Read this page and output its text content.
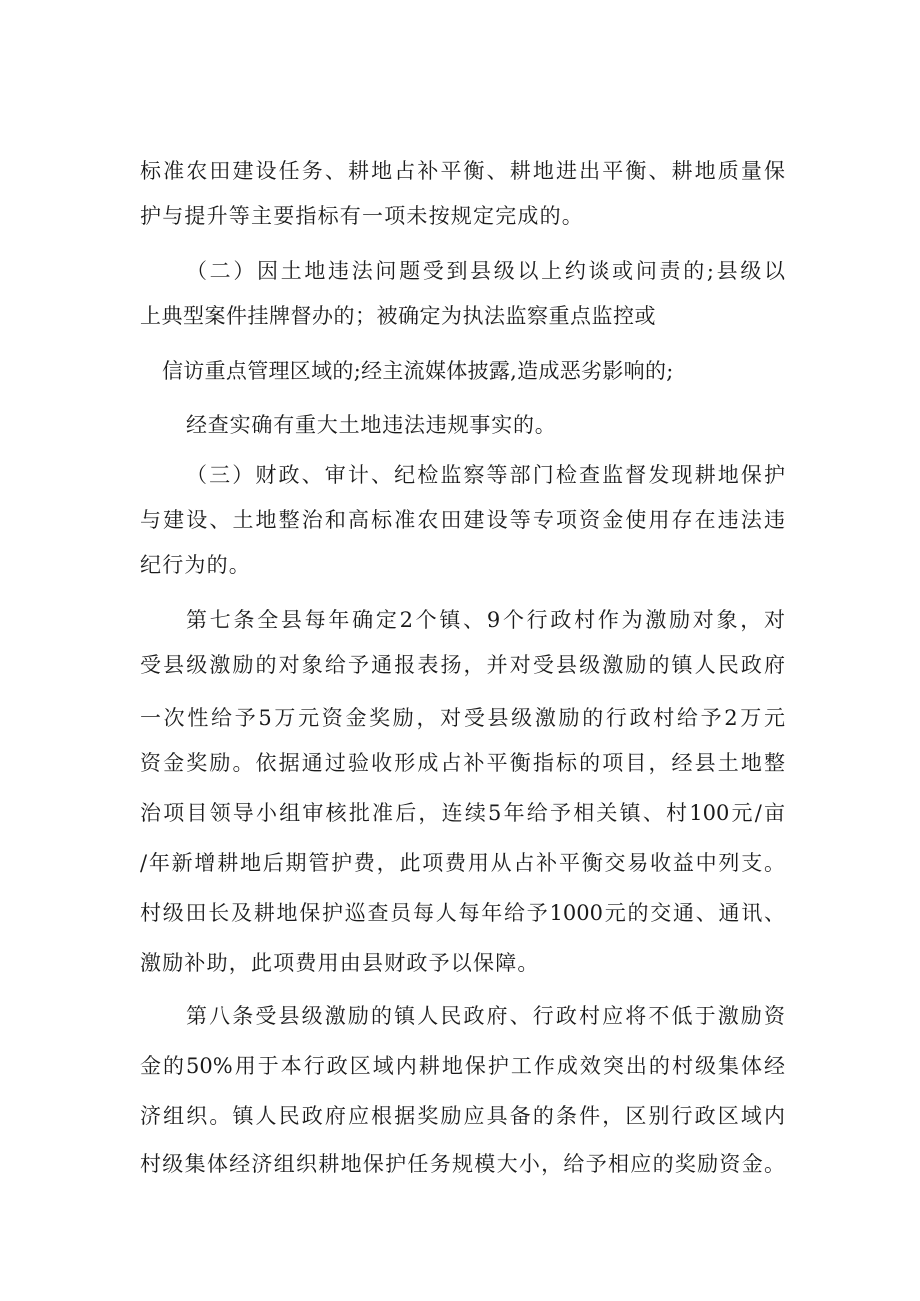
标准农田建设任务、耕地占补平衡、耕地进出平衡、耕地质量保
护与提升等主要指标有一项未按规定完成的。
（二）因土地违法问题受到县级以上约谈或问责的;县级以
上典型案件挂牌督办的；被确定为执法监察重点监控或
信访重点管理区域的;经主流媒体披露,造成恶劣影响的;
经查实确有重大土地违法违规事实的。
（三）财政、审计、纪检监察等部门检查监督发现耕地保护
与建设、土地整治和高标准农田建设等专项资金使用存在违法违
纪行为的。
第七条全县每年确定2个镇、9个行政村作为激励对象，对
受县级激励的对象给予通报表扬，并对受县级激励的镇人民政府
一次性给予5万元资金奖励，对受县级激励的行政村给予2万元
资金奖励。依据通过验收形成占补平衡指标的项目，经县土地整
治项目领导小组审核批准后，连续5年给予相关镇、村100元/亩
/年新增耕地后期管护费，此项费用从占补平衡交易收益中列支。
村级田长及耕地保护巡查员每人每年给予1000元的交通、通讯、
激励补助，此项费用由县财政予以保障。
第八条受县级激励的镇人民政府、行政村应将不低于激励资
金的50%用于本行政区域内耕地保护工作成效突出的村级集体经
济组织。镇人民政府应根据奖励应具备的条件，区别行政区域内
村级集体经济组织耕地保护任务规模大小，给予相应的奖励资金。
